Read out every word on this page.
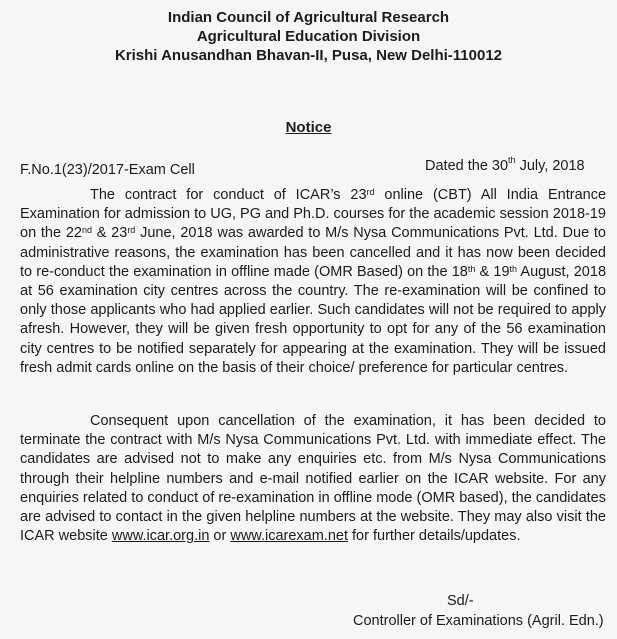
Indian Council of Agricultural Research
Agricultural Education Division
Krishi Anusandhan Bhavan-II, Pusa, New Delhi-110012
Notice
F.No.1(23)/2017-Exam Cell	Dated the 30th July, 2018
The contract for conduct of ICAR’s 23rd online (CBT) All India Entrance Examination for admission to UG, PG and Ph.D. courses for the academic session 2018-19 on the 22nd & 23rd June, 2018 was awarded to M/s Nysa Communications Pvt. Ltd. Due to administrative reasons, the examination has been cancelled and it has now been decided to re-conduct the examination in offline made (OMR Based) on the 18th & 19th August, 2018 at 56 examination city centres across the country. The re-examination will be confined to only those applicants who had applied earlier. Such candidates will not be required to apply afresh. However, they will be given fresh opportunity to opt for any of the 56 examination city centres to be notified separately for appearing at the examination. They will be issued fresh admit cards online on the basis of their choice/ preference for particular centres.
Consequent upon cancellation of the examination, it has been decided to terminate the contract with M/s Nysa Communications Pvt. Ltd. with immediate effect. The candidates are advised not to make any enquiries etc. from M/s Nysa Communications through their helpline numbers and e-mail notified earlier on the ICAR website. For any enquiries related to conduct of re-examination in offline mode (OMR based), the candidates are advised to contact in the given helpline numbers at the website. They may also visit the ICAR website www.icar.org.in or www.icarexam.net for further details/updates.
Sd/-
Controller of Examinations (Agril. Edn.)
